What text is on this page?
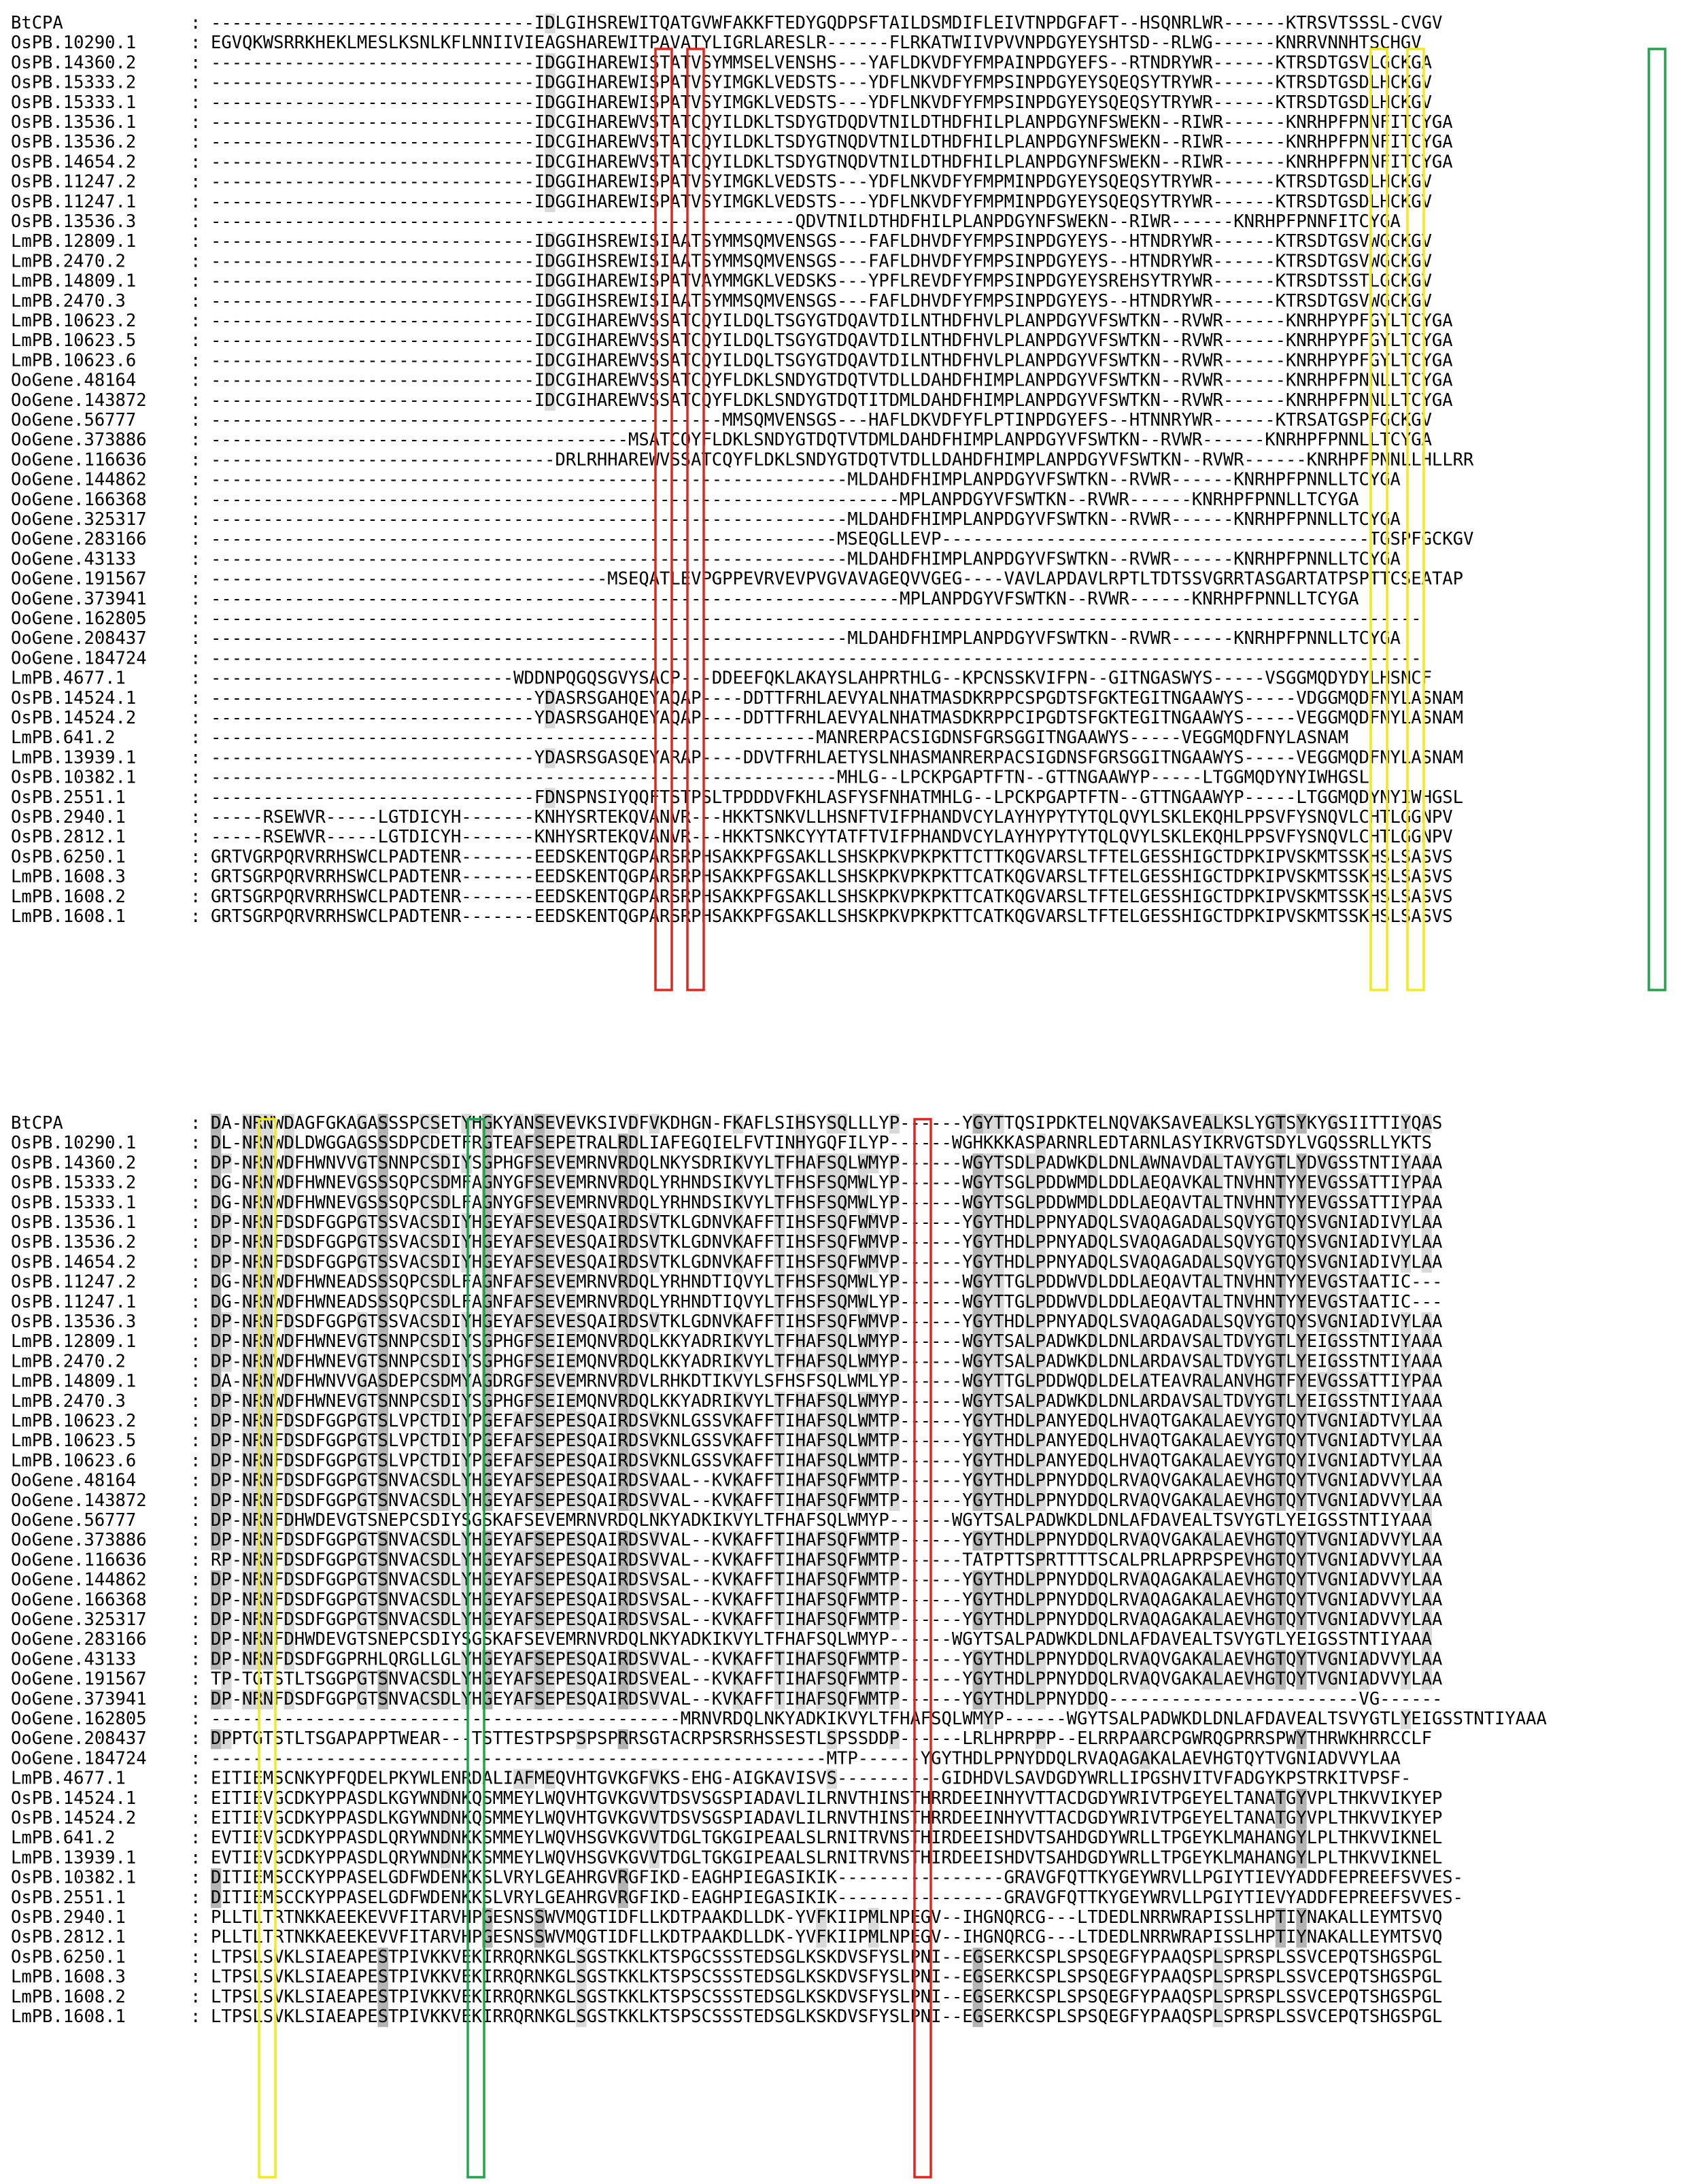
BtCPA	: -------------------------------IDLGIHSREWITQATGVWFAKKFTEDYGQDPSFTAILDSMDIFLEIVTNPDGFAFT--HSQNRLWR------KTRSVTSSSL-CVGV
OsPB.10290.1	: EGVQKWSRRKHEKLMESLKSNLKFLNNIIVIEAGSHAREWITPAVATYLIGRLARESLR------FLRKATWIIVPVVNPDGYEYSHTSD--RLWG------KNRRVNNHTSCHGV
OsPB.14360.2	: -------------------------------IDGGIHAREWISTATVSYMMSELVENSHS---YAFLDKVDFYFMPAINPDGYEFS--RTNDRYWR------KTRSDTGSVLGCKGA
OsPB.15333.2	: -------------------------------IDGGIHAREWISPATVSYIMGKLVEDSTS---YDFLNKVDFYFMPSINPDGYEYSQEQSYTRYWR------KTRSDTGSDLHCKGV
OsPB.15333.1	: -------------------------------IDGGIHAREWISPATVSYIMGKLVEDSTS---YDFLNKVDFYFMPSINPDGYEYSQEQSYTRYWR------KTRSDTGSDLHCKGV
OsPB.13536.1	: -------------------------------IDCGIHAREWVSTATCQYILDKLTSDYGTDQDVTNILDTHDFHILPLANPDGYNFSWEKN--RIWR------KNRHPFPNNFITCYGA
OsPB.13536.2	: -------------------------------IDCGIHAREWVSTATCQYILDKLTSDYGTNQDVTNILDTHDFHILPLANPDGYNFSWEKN--RIWR------KNRHPFPNNFITCYGA
OsPB.14654.2	: -------------------------------IDCGIHAREWVSTATCQYILDKLTSDYGTNQDVTNILDTHDFHILPLANPDGYNFSWEKN--RIWR------KNRHPFPNNFITCYGA
OsPB.11247.2	: -------------------------------IDGGIHAREWISPATVSYIMGKLVEDSTS---YDFLNKVDFYFMPMINPDGYEYSQEQSYTRYWR------KTRSDTGSDLHCKGV
OsPB.11247.1	: -------------------------------IDGGIHAREWISPATVSYIMGKLVEDSTS---YDFLNKVDFYFMPMINPDGYEYSQEQSYTRYWR------KTRSDTGSDLHCKGV
OsPB.13536.3	: --------------------------------------------------------QDVTNILDTHDFHILPLANPDGYNFSWEKN--RIWR------KNRHPFPNNFITCYGA
LmPB.12809.1	: -------------------------------IDGGIHSREWISIAATSYMMSQMVENSGS---FAFLDHVDFYFMPSINPDGYEYS--HTNDRYWR------KTRSDTGSVWGCKGV
LmPB.2470.2	: -------------------------------IDGGIHSREWISIAATSYMMSQMVENSGS---FAFLDHVDFYFMPSINPDGYEYS--HTNDRYWR------KTRSDTGSVWGCKGV
LmPB.14809.1	: -------------------------------IDGGIHAREWISPATVAYMMGKLVEDSKS---YPFLREVDFYFMPSINPDGYEYSREHSYTRYWR------KTRSDTSSTLGCKGV
LmPB.2470.3	: -------------------------------IDGGIHSREWISIAATSYMMSQMVENSGS---FAFLDHVDFYFMPSINPDGYEYS--HTNDRYWR------KTRSDTGSVWGCKGV
LmPB.10623.2	: -------------------------------IDCGIHAREWVSSATCQYILDQLTSGYGTDQAVTDILNTHDFHVLPLANPDGYVFSWTKN--RVWR------KNRHPYPFGYLTCYGA
LmPB.10623.5	: -------------------------------IDCGIHAREWVSSATCQYILDQLTSGYGTDQAVTDILNTHDFHVLPLANPDGYVFSWTKN--RVWR------KNRHPYPFGYLTCYGA
LmPB.10623.6	: -------------------------------IDCGIHAREWVSSATCQYILDQLTSGYGTDQAVTDILNTHDFHVLPLANPDGYVFSWTKN--RVWR------KNRHPYPFGYLTCYGA
OoGene.48164	: -------------------------------IDCGIHAREWVSSATCQYFLDKLSNDYGTDQTVTDLLDAHDFHIMPLANPDGYVFSWTKN--RVWR------KNRHPFPNNLLTCYGA
OoGene.143872	: -------------------------------IDCGIHAREWVSSATCQYFLDKLSNDYGTDQTITDMLDAHDFHIMPLANPDGYVFSWTKN--RVWR------KNRHPFPNNLLTCYGA
OoGene.56777	: -------------------------------------------------MMSQMVENSGS---HAFLDKVDFYFLPTINPDGYEFS--HTNNRYWR------KTRSATGSPFGCKGV
OoGene.373886	: ----------------------------------------MSATCQYFLDKLSNDYGTDQTVTDMLDAHDFHIMPLANPDGYVFSWTKN--RVWR------KNRHPFPNNLLTCYGA
OoGene.116636	: ---------------------------------DRLRHHAREWVSSATCQYFLDKLSNDYGTDQTVTDLLDAHDFHIMPLANPDGYVFSWTKN--RVWR------KNRHPFPNNLLHLLRR
OoGene.144862	: -------------------------------------------------------------MLDAHDFHIMPLANPDGYVFSWTKN--RVWR------KNRHPFPNNLLTCYGA
OoGene.166368	: ------------------------------------------------------------------MPLANPDGYVFSWTKN--RVWR------KNRHPFPNNLLTCYGA
OoGene.325317	: -------------------------------------------------------------MLDAHDFHIMPLANPDGYVFSWTKN--RVWR------KNRHPFPNNLLTCYGA
OoGene.283166	: ------------------------------------------------------------MSEQGLLEVP-----------------------------------------TGSPFGCKGV
OoGene.43133	: -------------------------------------------------------------MLDAHDFHIMPLANPDGYVFSWTKN--RVWR------KNRHPFPNNLLTCYGA
OoGene.191567	: --------------------------------------MSEQATLEVPGPPEVRVEVPVGVAVAGEQVVGEG----VAVLAPDAVLRPTLTDTSSVGRRTASGARTATPSPTTCSEATAP
OoGene.373941	: ------------------------------------------------------------------MPLANPDGYVFSWTKN--RVWR------KNRHPFPNNLLTCYGA
OoGene.162805	: --------------------------------------------------------------------------------------------------------------------
OoGene.208437	: -------------------------------------------------------------MLDAHDFHIMPLANPDGYVFSWTKN--RVWR------KNRHPFPNNLLTCYGA
OoGene.184724	: --------------------------------------------------------------------------------------------------------------------
LmPB.4677.1	: -----------------------------WDDNPQGQSGVYSACP---DDEEFQKLAKAYSLAHPRTHLG--KPCNSSKVIFPN--GITNGASWYS-----VSGGMQDYDYLHSNCF
OsPB.14524.1	: -------------------------------YDASRSGAHQEYAQAP----DDTTFRHLAEVYALNHATMASDKRPPCSPGDTSFGKTEGITNGAAWYS-----VDGGMQDFNYLASNAM
OsPB.14524.2	: -------------------------------YDASRSGAHQEYAQAP----DDTTFRHLAEVYALNHATMASDKRPPCIPGDTSFGKTEGITNGAAWYS-----VEGGMQDFNYLASNAM
LmPB.641.2	: ----------------------------------------------------------MANRERPACSIGDNSFGRSGGITNGAAWYS-----VEGGMQDFNYLASNAM
LmPB.13939.1	: -------------------------------YDASRSGASQEYARAP----DDVTFRHLAETYSLNHASMANRERPACSIGDNSFGRSGGITNGAAWYS-----VEGGMQDFNYLASNAM
OsPB.10382.1	: ------------------------------------------------------------MHLG--LPCKPGAPTFTN--GTTNGAAWYP-----LTGGMQDYNYIWHGSL
OsPB.2551.1	: -------------------------------FDNSPNSIYQQFTSTPSLTPDDDVFKHLASFYSFNHATMHLG--LPCKPGAPTFTN--GTTNGAAWYP-----LTGGMQDYNYIWHGSL
OsPB.2940.1	: -----RSEWVR-----LGTDICYH-------KNHYSRTEKQVANVR---HKKTSNKVLLHSNFTVIFPHANDVCYLAYHYPYTYTQLQVYLSKLEKQHLPPSVFYSNQVLCHTLGGNPV
OsPB.2812.1	: -----RSEWVR-----LGTDICYH-------KNHYSRTEKQVANVR---HKKTSNKCYYTATFTVIFPHANDVCYLAYHYPYTYTQLQVYLSKLEKQHLPPSVFYSNQVLCHTLGGNPV
OsPB.6250.1	: GRTVGRPQRVRRHSWCLPADTENR-------EEDSKENTQGPARSRPHSAKKPFGSAKLLSHSKPKVPKPKTTCTTKQGVARSLTFTELGESSHIGCTDPKIPVSKMTSSKHSLSASVS
LmPB.1608.3	: GRTSGRPQRVRRHSWCLPADTENR-------EEDSKENTQGPARSRPHSAKKPFGSAKLLSHSKPKVPKPKTTCATKQGVARSLTFTELGESSHIGCTDPKIPVSKMTSSKHSLSASVS
LmPB.1608.2	: GRTSGRPQRVRRHSWCLPADTENR-------EEDSKENTQGPARSRPHSAKKPFGSAKLLSHSKPKVPKPKTTCATKQGVARSLTFTELGESSHIGCTDPKIPVSKMTSSKHSLSASVS
LmPB.1608.1	: GRTSGRPQRVRRHSWCLPADTENR-------EEDSKENTQGPARSRPHSAKKPFGSAKLLSHSKPKVPKPKTTCATKQGVARSLTFTELGESSHIGCTDPKIPVSKMTSSKHSLSASVS
BtCPA	: DA-NRNWDAGFGKAGASSSPCSETYHGKYANSEVEVKSIVDFVKDHGN-FKAFLSIHSYSQLLLYP------YGYTTQSIPDKTELNQVAKSAVEALKSLYGTSYKYGSIITTIYQAS
OsPB.10290.1	: DL-NRNWDLDWGGAGSSSDPCDETFRGTEAFSEPETRALRDLIAFEGQIELFVTINHYGQFILYP------WGHKKKASPARNRLEDTARNLASYIKRVGTSDYLVGQSSRLLYKTS
OsPB.14360.2	: DP-NRNWDFHWNVVGTSNNPCSDIYSGPHGFSEVEMRNVRDQLNKYSDRIKVYLTFHAFSQLWMYP------WGYTSDLPADWKDLDNLAWNAVDALTAVYGTLYDVGSSTNTIYAAA
OsPB.15333.2	: DG-NRNWDFHWNEVGSSSQPCSDMFAGNYGFSEVEMRNVRDQLYRHNDSIKVYLTFHSFSQMWLYP------WGYTSGLPDDWMDLDDLAEQAVKALTNVHNTYYEVGSSATTIYPAA
OsPB.15333.1	: DG-NRNWDFHWNEVGSSSQPCSDLFAGNYGFSEVEMRNVRDQLYRHNDSIKVYLTFHSFSQMWLYP------WGYTSGLPDDWMDLDDLAEQAVTALTNVHNTYYEVGSSATTIYPAA
OsPB.13536.1	: DP-NRNFDSDFGGPGTSSVACSDIYHGEYAFSEVESQAIRDSVTKLGDNVKAFFTIHSFSQFWMVP------YGYTHDLPPNYADQLSVAQAGADALSQVYGTQYSVGNIADIVYLAA
OsPB.13536.2	: DP-NRNFDSDFGGPGTSSVACSDIYHGEYAFSEVESQAIRDSVTKLGDNVKAFFTIHSFSQFWMVP------YGYTHDLPPNYADQLSVAQAGADALSQVYGTQYSVGNIADIVYLAA
OsPB.14654.2	: DP-NRNFDSDFGGPGTSSVACSDIYHGEYAFSEVESQAIRDSVTKLGDNVKAFFTIHSFSQFWMVP------YGYTHDLPPNYADQLSVAQAGADALSQVYGTQYSVGNIADIVYLAA
OsPB.11247.2	: DG-NRNWDFHWNEADSSSQPCSDLFAGNFAFSEVEMRNVRDQLYRHNDTIQVYLTFHSFSQMWLYP------WGYTTGLPDDWVDLDDLAEQAVTALTNVHNTYYEVGSTAATIC---
OsPB.11247.1	: DG-NRNWDFHWNEADSSSQPCSDLFAGNFAFSEVEMRNVRDQLYRHNDTIQVYLTFHSFSQMWLYP------WGYTTGLPDDWVDLDDLAEQAVTALTNVHNTYYEVGSTAATIC---
OsPB.13536.3	: DP-NRNFDSDFGGPGTSSVACSDIYHGEYAFSEVESQAIRDSVTKLGDNVKAFFTIHSFSQFWMVP------YGYTHDLPPNYADQLSVAQAGADALSQVYGTQYSVGNIADIVYLAA
LmPB.12809.1	: DP-NRNWDFHWNEVGTSNNPCSDIYSGPHGFSEIEMQNVRDQLKKYADRIKVYLTFHAFSQLWMYP------WGYTSALPADWKDLDNLARDAVSALTDVYGTLYEIGSSTNTIYAAA
LmPB.2470.2	: DP-NRNWDFHWNEVGTSNNPCSDIYSGPHGFSEIEMQNVRDQLKKYADRIKVYLTFHAFSQLWMYP------WGYTSALPADWKDLDNLARDAVSALTDVYGTLYEIGSSTNTIYAAA
LmPB.14809.1	: DA-NRNWDFHWNVVGASDEPCSDMYAGDRGFSEVEMRNVRDVLRHKDTIKVYLSFHSFSQLWMLYP------WGYTTGLPDDWQDLDELATEAVRALANVHGTFYEVGSSATTIYPAA
LmPB.2470.3	: DP-NRNWDFHWNEVGTSNNPCSDIYSGPHGFSEIEMQNVRDQLKKYADRIKVYLTFHAFSQLWMYP------WGYTSALPADWKDLDNLARDAVSALTDVYGTLYEIGSSTNTIYAAA
LmPB.10623.2	: DP-NRNFDSDFGGPGTSLVPCTDIYPGEFAFSEPESQAIRDSVKNLGSSVKAFFTIHAFSQLWMTP------YGYTHDLPANYEDQLHVAQTGAKALAEVYGTQYTVGNIADTVYLAA
LmPB.10623.5	: DP-NRNFDSDFGGPGTSLVPCTDIYPGEFAFSEPESQAIRDSVKNLGSSVKAFFTIHAFSQLWMTP------YGYTHDLPANYEDQLHVAQTGAKALAEVYGTQYTVGNIADTVYLAA
LmPB.10623.6	: DP-NRNFDSDFGGPGTSLVPCTDIYPGEFAFSEPESQAIRDSVKNLGSSVKAFFTIHAFSQLWMTP------YGYTHDLPANYEDQLHVAQTGAKALAEVYGTQYIVGNIADTVYLAA
OoGene.48164	: DP-NRNFDSDFGGPGTSNVACSDLYHGEYAFSEPESQAIRDSVAAL--KVKAFFTIHAFSQFWMTP------YGYTHDLPPNYDDQLRVAQVGAKALAEVHGTQYTVGNIADVVYLAA
OoGene.143872	: DP-NRNFDSDFGGPGTSNVACSDLYHGEYAFSEPESQAIRDSVVAL--KVKAFFTIHAFSQFWMTP------YGYTHDLPPNYDDQLRVAQVGAKALAEVHGTQYTVGNIADVVYLAA
OoGene.56777	: DP-NRNFDHWDEVGTSNEPCSDIYSGSKAFSEVEMRNVRDQLNKYADKIKVYLTFHAFSQLWMYP------WGYTSALPADWKDLDNLAFDAVEALTSVYGTLYEIGSSTNTIYAAA
OoGene.373886	: DP-NRNFDSDFGGPGTSNVACSDLYHGEYAFSEPESQAIRDSVVAL--KVKAFFTIHAFSQFWMTP------YGYTHDLPPNYDDQLRVAQVGAKALAEVHGTQYTVGNIADVVYLAA
OoGene.116636	: RP-NRNFDSDFGGPGTSNVACSDLYHGEYAFSEPESQAIRDSVVAL--KVKAFFTIHAFSQFWMTP------TATPTTSPRTTTTSCALPRLAPRPSPEVHGTQYTVGNIADVVYLAA
OoGene.144862	: DP-NRNFDSDFGGPGTSNVACSDLYHGEYAFSEPESQAIRDSVSAL--KVKAFFTIHAFSQFWMTP------YGYTHDLPPNYDDQLRVAQAGAKALAEVHGTQYTVGNIADVVYLAA
OoGene.166368	: DP-NRNFDSDFGGPGTSNVACSDLYHGEYAFSEPESQAIRDSVSAL--KVKAFFTIHAFSQFWMTP------YGYTHDLPPNYDDQLRVAQAGAKALAEVHGTQYTVGNIADVVYLAA
OoGene.325317	: DP-NRNFDSDFGGPGTSNVACSDLYHGEYAFSEPESQAIRDSVSAL--KVKAFFTIHAFSQFWMTP------YGYTHDLPPNYDDQLRVAQAGAKALAEVHGTQYTVGNIADVVYLAA
OoGene.283166	: DP-NRNFDHWDEVGTSNEPCSDIYSGSKAFSEVEMRNVRDQLNKYADKIKVYLTFHAFSQLWMYP------WGYTSALPADWKDLDNLAFDAVEALTSVYGTLYEIGSSTNTIYAAA
OoGene.43133	: DP-NRNFDSDFGGPRHLQRGLLGLYHGEYAFSEPESQAIRDSVVAL--KVKAFFTIHAFSQFWMTP------YGYTHDLPPNYDDQLRVAQVGAKALAEVHGTQYTVGNIADVVYLAA
OoGene.191567	: TP-TGTSTLTSGGPGTSNVACSDLYHGEYAFSEPESQAIRDSVEAL--KVKAFFTIHAFSQFWMTP------YGYTHDLPPNYDDQLRVAQVGAKALAEVHGTQYTVGNIADVVYLAA
OoGene.373941	: DP-NRNFDSDFGGPGTSNVACSDLYHGEYAFSEPESQAIRDSVVAL--KVKAFFTIHAFSQFWMTP------YGYTHDLPPNYDDQ------------------------VG------
OoGene.162805	: ---------------------------------------------MRNVRDQLNKYADKIKVYLTFHAFSQLWMYP------WGYTSALPADWKDLDNLAFDAVEALTSVYGTLYEIGSSTNTIYAAA
OoGene.208437	: DPPTGTSTLTSGAPAPPTWEAR---TSTTESTPSPSPSPRRSGTACRPSRSRHSSESTLSPSSDDP------LRLHPRPPP--ELRRPAARCPGWRQGPRRSPWYTHRWKHRRCCLF
OoGene.184724	: -----------------------------------------------------------MTP------YGYTHDLPPNYDDQLRVAQAGAKALAEVHGTQYTVGNIADVVYLAA
LmPB.4677.1	: EITIEMSCNKYPFQDELPKYWLENRDALIAFMEQVHTGVKGFVKS-EHG-AIGKAVISVS----------GIDHDVLSAVDGDYWRLLIPGSHVITVFADGYKPSTRKITVPSF-
OsPB.14524.1	: EITIEVGCDKYPPASDLKGYWNDNKQSMMEYLWQVHTGVKGVVTDSVSGSPIADAVLILRNVTHINSTHRRDEEINHYVTTACDGDYWRIVTPGEYELTANATGYVPLTHKVVIKYEP
OsPB.14524.2	: EITIEVGCDKYPPASDLKGYWNDNKQSMMEYLWQVHTGVKGVVTDSVSGSPIADAVLILRNVTHINSTHRRDEEINHYVTTACDGDYWRIVTPGEYELTANATGYVPLTHKVVIKYEP
LmPB.641.2	: EVTIEVGCDKYPPASDLQRYWNDNKKSMMEYLWQVHSGVKGVVTDGLTGKGIPEAALSLRNITRVNSTHIRDEEISHDVTSAHDGDYWRLLTPGEYKLMAHANGYLPLTHKVVIKNEL
LmPB.13939.1	: EVTIEVGCDKYPPASDLQRYWNDNKKSMMEYLWQVHSGVKGVVTDGLTGKGIPEAALSLRNITRVNSTHIRDEEISHDVTSAHDGDYWRLLTPGEYKLMAHANGYLPLTHKVVIKNEL
OsPB.10382.1	: DITIEMSCCKYPPASELGDFWDENKKSLVRYLGEAHRGVRGFIKD-EAGHPIEGASIKIK----------------GRAVGFQTTKYGEYWRVLLPGIYTIEVYADDFEPREEFSVVES-
OsPB.2551.1	: DITIEMSCCKYPPASELGDFWDENKKSLVRYLGEAHRGVRGFIKD-EAGHPIEGASIKIK----------------GRAVGFQTTKYGEYWRVLLPGIYTIEVYADDFEPREEFSVVES-
OsPB.2940.1	: PLLTLTRTNKKAEEKEVVFITARVHPGESNSSWVMQGTIDFLLKDTPAAKDLLDK-YVFKIIPMLNPEGV--IHGNQRCG---LTDEDLNRRWRAPISSLHPTIYNAKALLEYMTSVQ
OsPB.2812.1	: PLLTLTRTNKKAEEKEVVFITARVHPGESNSSWVMQGTIDFLLKDTPAAKDLLDK-YVFKIIPMLNPEGV--IHGNQRCG---LTDEDLNRRWRAPISSLHPTIYNAKALLEYMTSVQ
OsPB.6250.1	: LTPSLSVKLSIAEAPESTPIVKKVEKIRRQRNKGLSGSTKKLKTSPGCSSSTEDSGLKSKDVSFYSLPNI--EGSERKCSPLSPSQEGFYPAAQSPLSPRSPLSSVCEPQTSHGSPGL
LmPB.1608.3	: LTPSLSVKLSIAEAPESTPIVKKVEKIRRQRNKGLSGSTKKLKTSPSCSSSTEDSGLKSKDVSFYSLPNI--EGSERKCSPLSPSQEGFYPAAQSPLSPRSPLSSVCEPQTSHGSPGL
LmPB.1608.2	: LTPSLSVKLSIAEAPESTPIVKKVEKIRRQRNKGLSGSTKKLKTSPSCSSSTEDSGLKSKDVSFYSLPNI--EGSERKCSPLSPSQEGFYPAAQSPLSPRSPLSSVCEPQTSHGSPGL
LmPB.1608.1	: LTPSLSVKLSIAEAPESTPIVKKVEKIRRQRNKGLSGSTKKLKTSPSCSSSTEDSGLKSKDVSFYSLPNI--EGSERKCSPLSPSQEGFYPAAQSPLSPRSPLSSVCEPQTSHGSPGL
